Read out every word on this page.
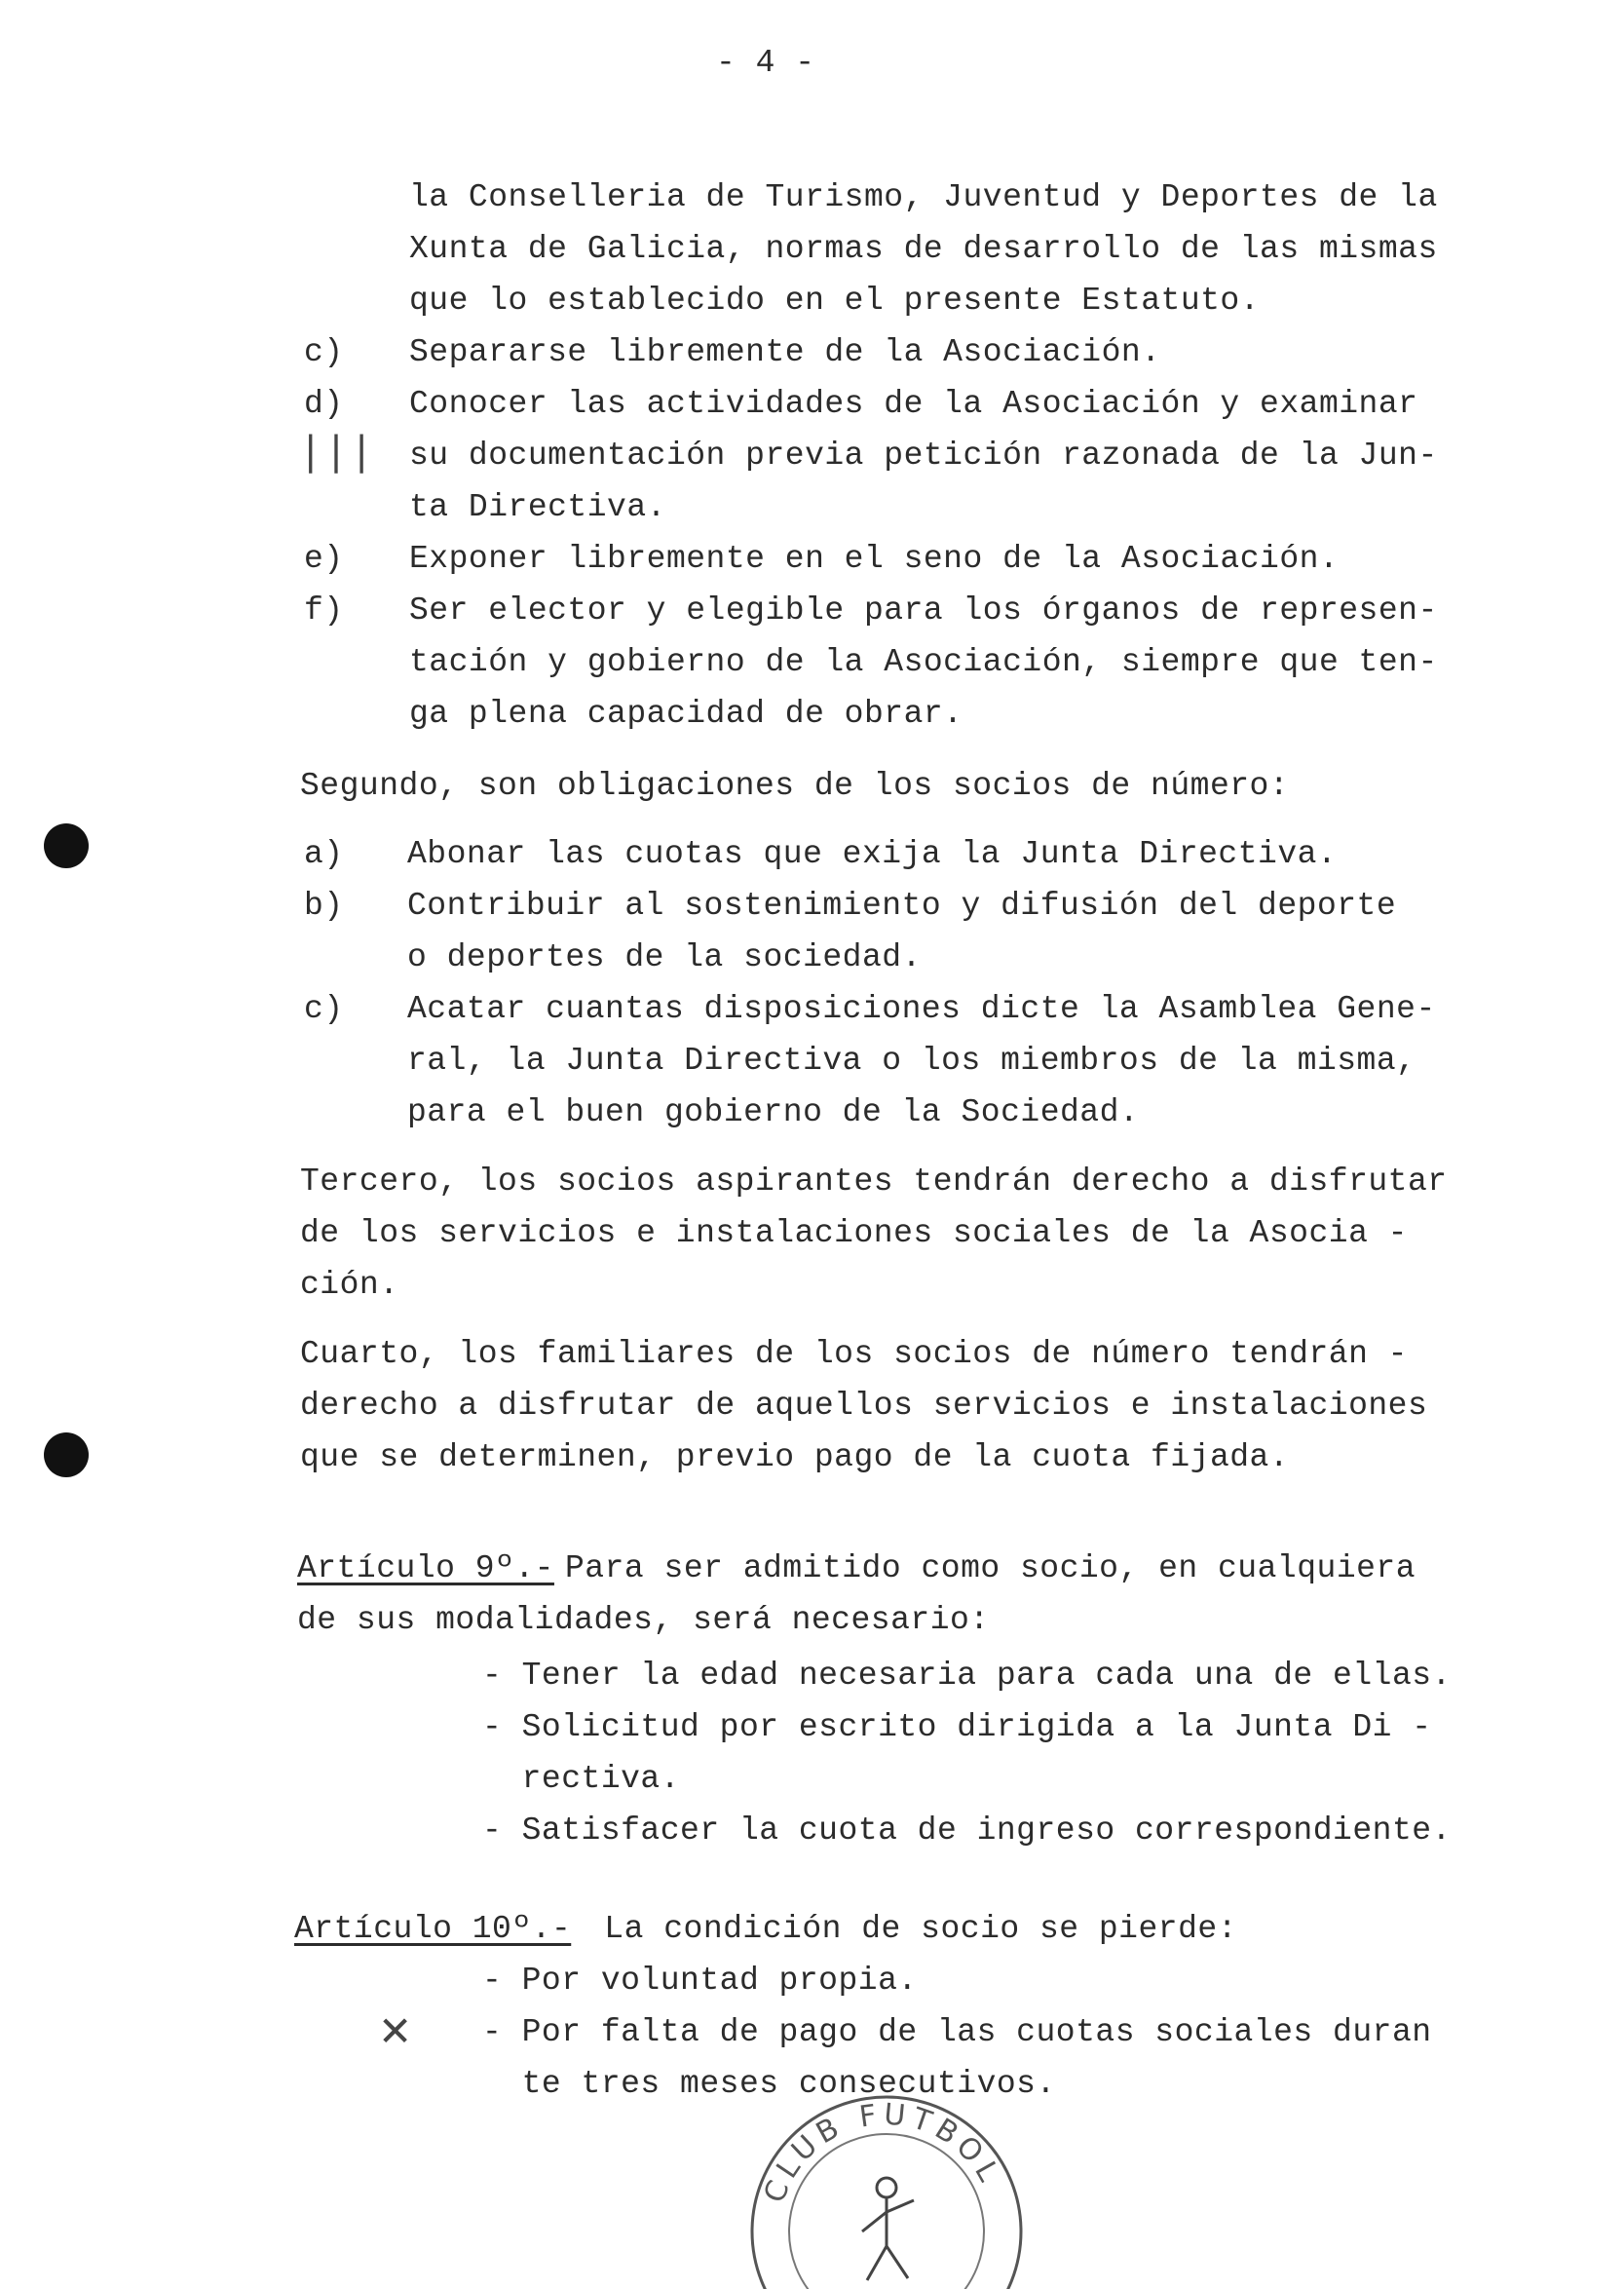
- 4 -
| | |
✕
la Conselleria de Turismo, Juventud y Deportes de la
Xunta de Galicia, normas de desarrollo de las mismas
que lo establecido en el presente Estatuto.
c) Separarse libremente de la Asociación.
d) Conocer las actividades de la Asociación y examinar
su documentación previa petición razonada de la Jun-
ta Directiva.
e) Exponer libremente en el seno de la Asociación.
f) Ser elector y elegible para los órganos de represen-
tación y gobierno de la Asociación, siempre que ten-
ga plena capacidad de obrar.
Segundo, son obligaciones de los socios de número:
a) Abonar las cuotas que exija la Junta Directiva.
b) Contribuir al sostenimiento y difusión del deporte
o deportes de la sociedad.
c) Acatar cuantas disposiciones dicte la Asamblea Gene-
ral, la Junta Directiva o los miembros de la misma,
para el buen gobierno de la Sociedad.
Tercero, los socios aspirantes tendrán derecho a disfrutar
de los servicios e instalaciones sociales de la Asocia -
ción.
Cuarto, los familiares de los socios de número tendrán -
derecho a disfrutar de aquellos servicios e instalaciones
que se determinen, previo pago de la cuota fijada.
Artículo 9º.- Para ser admitido como socio, en cualquiera
de sus modalidades, será necesario:
- Tener la edad necesaria para cada una de ellas.
- Solicitud por escrito dirigida a la Junta Di -
rectiva.
- Satisfacer la cuota de ingreso correspondiente.
Artículo 10º.- La condición de socio se pierde:
- Por voluntad propia.
- Por falta de pago de las cuotas sociales duran
te tres meses consecutivos.
CLUB FUTBOL
